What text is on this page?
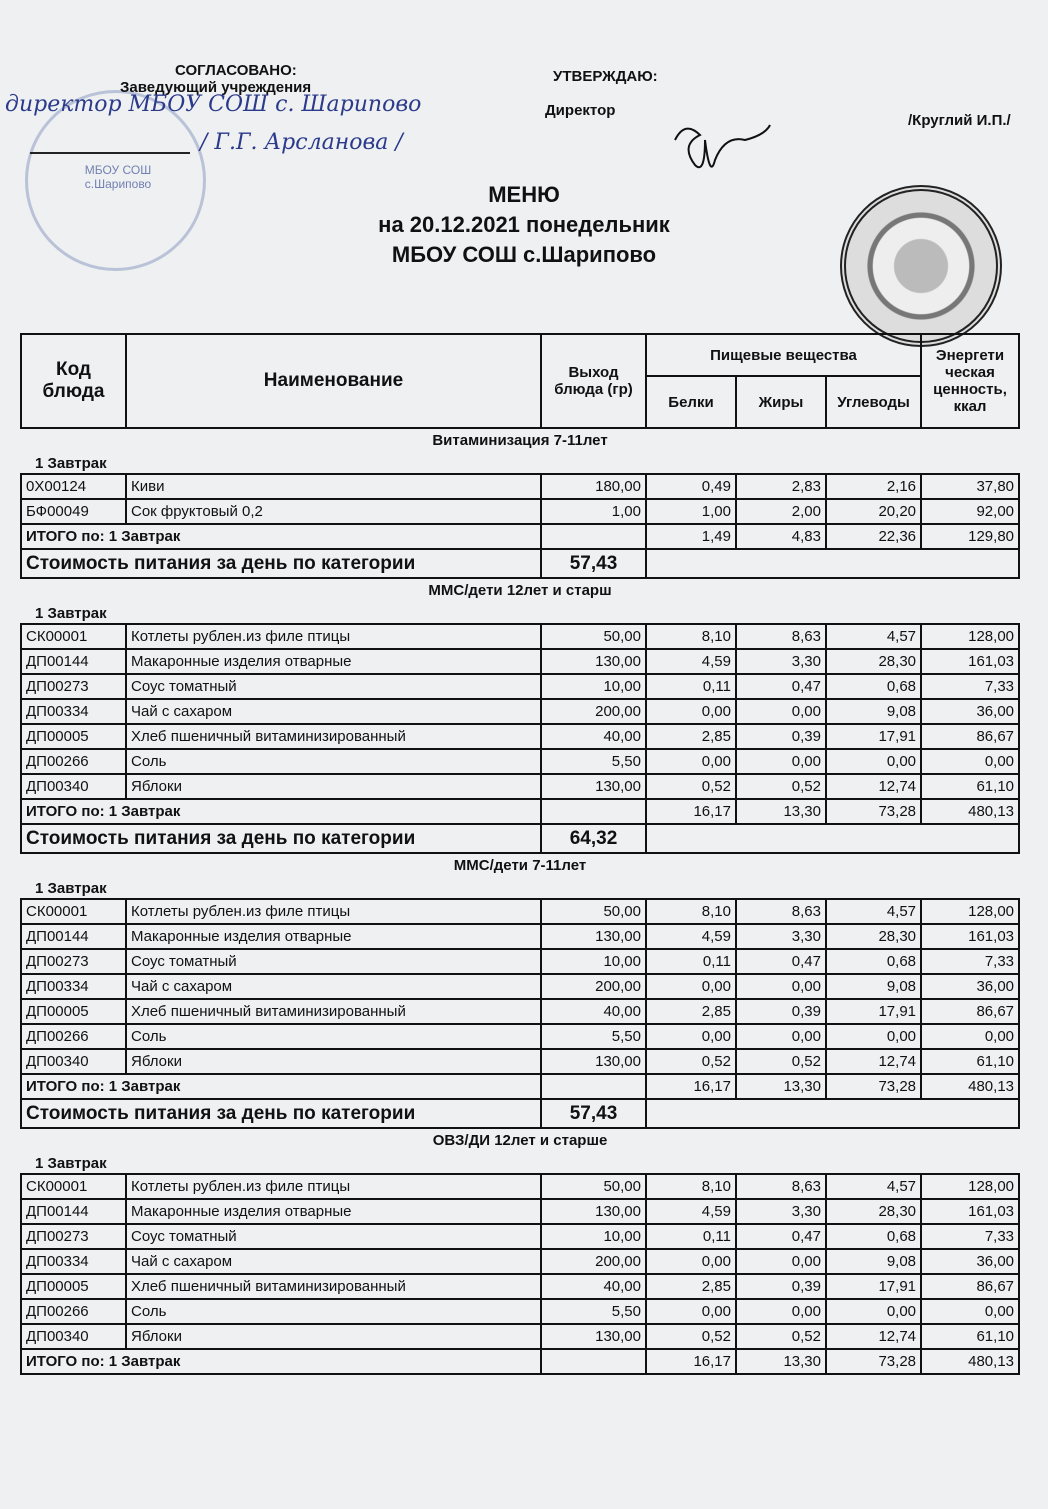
МБОУ СОШ с.Шарипово
СОГЛАСОВАНО:
Заведующий учреждения
директор МБОУ СОШ с. Шарипово
/ Г.Г. Арсланова /
УТВЕРЖДАЮ:
Директор
/Круглий И.П./
МЕНЮ
на 20.12.2021 понедельник
МБОУ СОШ с.Шарипово
Код блюда	Наименование	Выход блюда (гр)	Пищевые вещества			Энергети ческая ценность, ккал
			Белки	Жиры	Углеводы	
Витаминизация 7-11лет						
1 Завтрак						
0Х00124	Киви	180,00	0,49	2,83	2,16	37,80
БФ00049	Сок фруктовый 0,2	1,00	1,00	2,00	20,20	92,00
ИТОГО по: 1 Завтрак			1,49	4,83	22,36	129,80
Стоимость питания за день по категории		57,43				
ММС/дети 12лет и старш						
1 Завтрак						
СК00001	Котлеты рублен.из филе птицы	50,00	8,10	8,63	4,57	128,00
ДП00144	Макаронные изделия отварные	130,00	4,59	3,30	28,30	161,03
ДП00273	Соус томатный	10,00	0,11	0,47	0,68	7,33
ДП00334	Чай с сахаром	200,00	0,00	0,00	9,08	36,00
ДП00005	Хлеб пшеничный витаминизированный	40,00	2,85	0,39	17,91	86,67
ДП00266	Соль	5,50	0,00	0,00	0,00	0,00
ДП00340	Яблоки	130,00	0,52	0,52	12,74	61,10
ИТОГО по: 1 Завтрак			16,17	13,30	73,28	480,13
Стоимость питания за день по категории		64,32				
ММС/дети 7-11лет						
1 Завтрак						
СК00001	Котлеты рублен.из филе птицы	50,00	8,10	8,63	4,57	128,00
ДП00144	Макаронные изделия отварные	130,00	4,59	3,30	28,30	161,03
ДП00273	Соус томатный	10,00	0,11	0,47	0,68	7,33
ДП00334	Чай с сахаром	200,00	0,00	0,00	9,08	36,00
ДП00005	Хлеб пшеничный витаминизированный	40,00	2,85	0,39	17,91	86,67
ДП00266	Соль	5,50	0,00	0,00	0,00	0,00
ДП00340	Яблоки	130,00	0,52	0,52	12,74	61,10
ИТОГО по: 1 Завтрак			16,17	13,30	73,28	480,13
Стоимость питания за день по категории		57,43				
ОВЗ/ДИ 12лет и старше						
1 Завтрак						
СК00001	Котлеты рублен.из филе птицы	50,00	8,10	8,63	4,57	128,00
ДП00144	Макаронные изделия отварные	130,00	4,59	3,30	28,30	161,03
ДП00273	Соус томатный	10,00	0,11	0,47	0,68	7,33
ДП00334	Чай с сахаром	200,00	0,00	0,00	9,08	36,00
ДП00005	Хлеб пшеничный витаминизированный	40,00	2,85	0,39	17,91	86,67
ДП00266	Соль	5,50	0,00	0,00	0,00	0,00
ДП00340	Яблоки	130,00	0,52	0,52	12,74	61,10
ИТОГО по: 1 Завтрак			16,17	13,30	73,28	480,13
